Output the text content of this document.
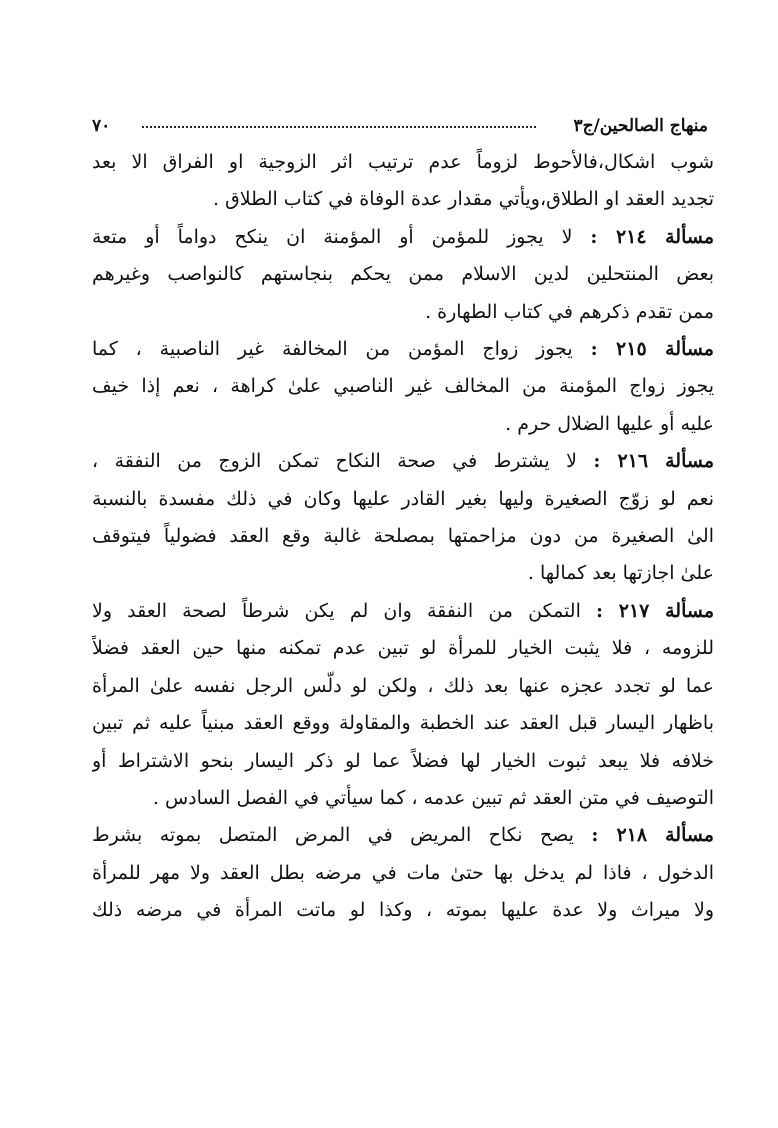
منهاج الصالحين/ج٣
٧٠

شوب اشكال،فالأحوط لزوماً عدم ترتيب اثر الزوجية او الفراق الا بعد
تجديد العقد او الطلاق،ويأتي مقدار عدة الوفاة في كتاب الطلاق .

مسألة ٢١٤ : لا يجوز للمؤمن أو المؤمنة ان ينكح دواماً أو متعة
بعض المنتحلين لدين الاسلام ممن يحكم بنجاستهم كالنواصب وغيرهم
ممن تقدم ذكرهم في كتاب الطهارة .

مسألة ٢١٥ : يجوز زواج المؤمن من المخالفة غير الناصبية ، كما
يجوز زواج المؤمنة من المخالف غير الناصبي علىٰ كراهة ، نعم إذا خيف
عليه أو عليها الضلال حرم .

مسألة ٢١٦ : لا يشترط في صحة النكاح تمكن الزوج من النفقة ،
نعم لو زوّج الصغيرة وليها بغير القادر عليها وكان في ذلك مفسدة بالنسبة
الىٰ الصغيرة من دون مزاحمتها بمصلحة غالبة وقع العقد فضولياً فيتوقف
علىٰ اجازتها بعد كمالها .

مسألة ٢١٧ : التمكن من النفقة وان لم يكن شرطاً لصحة العقد ولا
للزومه ، فلا يثبت الخيار للمرأة لو تبين عدم تمكنه منها حين العقد فضلاً
عما لو تجدد عجزه عنها بعد ذلك ، ولكن لو دلّس الرجل نفسه علىٰ المرأة
باظهار اليسار قبل العقد عند الخطبة والمقاولة ووقع العقد مبنياً عليه ثم تبين
خلافه فلا يبعد ثبوت الخيار لها فضلاً عما لو ذكر اليسار بنحو الاشتراط أو
التوصيف في متن العقد ثم تبين عدمه ، كما سيأتي في الفصل السادس .

مسألة ٢١٨ : يصح نكاح المريض في المرض المتصل بموته بشرط
الدخول ، فاذا لم يدخل بها حتىٰ مات في مرضه بطل العقد ولا مهر للمرأة
ولا ميراث ولا عدة عليها بموته ، وكذا لو ماتت المرأة في مرضه ذلك
